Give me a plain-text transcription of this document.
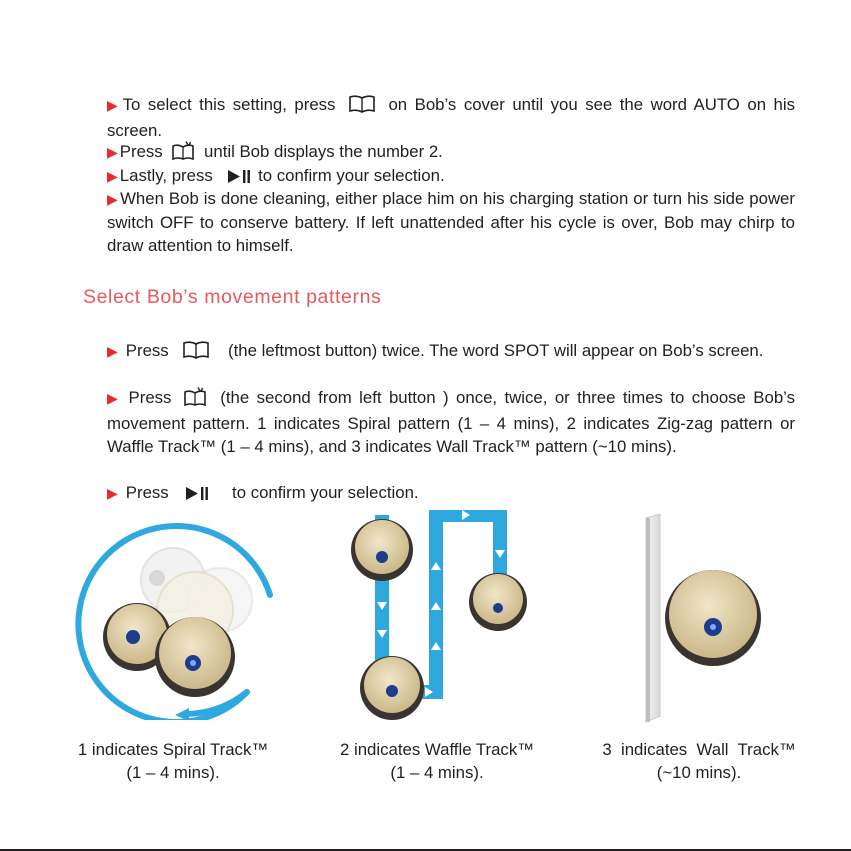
▶ To select this setting, press	on Bob’s cover until you see the word AUTO on his screen.
▶ Press until Bob displays the number 2.
▶ Lastly, press	to confirm your selection.
▶ When Bob is done cleaning, either place him on his charging station or turn his side power switch OFF to conserve battery. If left unattended after his cycle is over, Bob may chirp to draw attention to himself.
Select Bob’s movement patterns
▶ Press	(the leftmost button) twice. The word SPOT will appear on Bob’s screen.
▶ Press	(the second from left button ) once, twice, or three times to choose Bob’s movement pattern. 1 indicates Spiral pattern (1 – 4 mins), 2 indicates Zig-zag pattern or Waffle Track™ (1 – 4 mins), and 3 indicates Wall Track™ pattern (~10 mins).
▶ Press	to confirm your selection.
1 indicates Spiral Track™
(1 – 4 mins).
2 indicates Waffle Track™
(1 – 4 mins).
3  indicates  Wall  Track™
(~10 mins).
